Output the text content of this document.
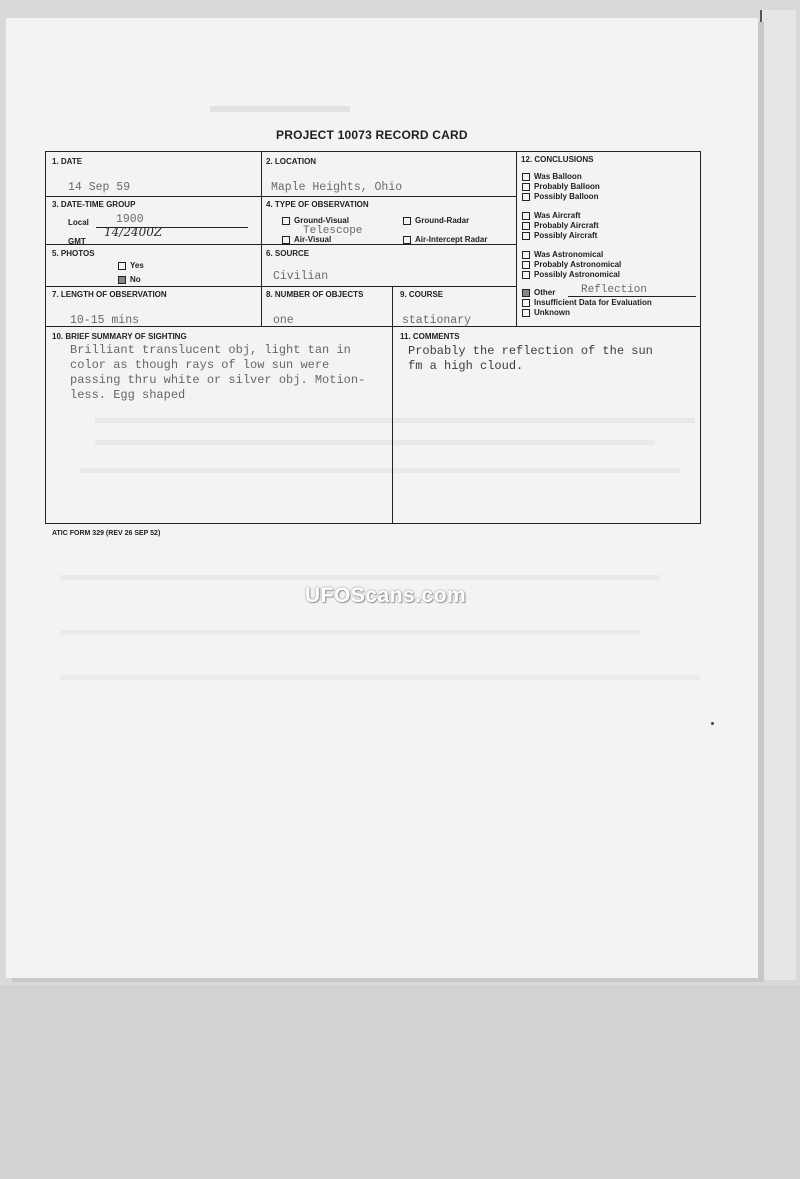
PROJECT 10073 RECORD CARD
1. DATE
14 Sep 59
2. LOCATION
Maple Heights, Ohio
3. DATE-TIME GROUP
Local 1900
GMT
14/2400Z
4. TYPE OF OBSERVATION
Ground-Visual	Ground-Radar
Telescope
Air-Visual	Air-Intercept Radar
5. PHOTOS
Yes
No
6. SOURCE
Civilian
7. LENGTH OF OBSERVATION
10-15 mins
8. NUMBER OF OBJECTS
one
9. COURSE
stationary
10. BRIEF SUMMARY OF SIGHTING
Brilliant translucent obj, light tan in
color as though rays of low sun were
passing thru white or silver obj. Motion-
less. Egg shaped
11. COMMENTS
Probably the reflection of the sun
fm a high cloud.
12. CONCLUSIONS
Was Balloon
Probably Balloon
Possibly Balloon
Was Aircraft
Probably Aircraft
Possibly Aircraft
Was Astronomical
Probably Astronomical
Possibly Astronomical
Other Reflection
Insufficient Data for Evaluation
Unknown
ATIC FORM 329 (REV 26 SEP 52)
UFOScans.com
